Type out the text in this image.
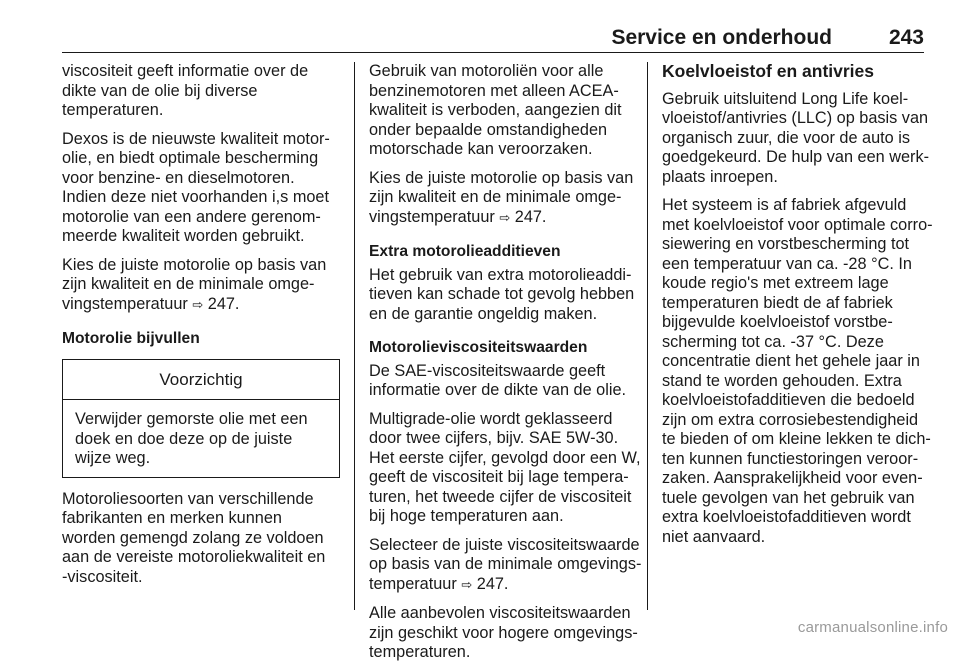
Service en onderhoud	243

viscositeit geeft informatie over de
dikte van de olie bij diverse
temperaturen.

Dexos is de nieuwste kwaliteit motor-
olie, en biedt optimale bescherming
voor benzine- en dieselmotoren.
Indien deze niet voorhanden i,s moet
motorolie van een andere gerenom-
meerde kwaliteit worden gebruikt.

Kies de juiste motorolie op basis van
zijn kwaliteit en de minimale omge-
vingstemperatuur ⇨ 247.

Motorolie bijvullen
Voorzichtig
Verwijder gemorste olie met een
doek en doe deze op de juiste
wijze weg.

Motoroliesoorten van verschillende
fabrikanten en merken kunnen
worden gemengd zolang ze voldoen
aan de vereiste motoroliekwaliteit en
-viscositeit.

Gebruik van motoroliën voor alle
benzinemotoren met alleen ACEA-
kwaliteit is verboden, aangezien dit
onder bepaalde omstandigheden
motorschade kan veroorzaken.

Kies de juiste motorolie op basis van
zijn kwaliteit en de minimale omge-
vingstemperatuur ⇨ 247.

Extra motorolieadditieven

Het gebruik van extra motorolieaddi-
tieven kan schade tot gevolg hebben
en de garantie ongeldig maken.

Motorolieviscositeitswaarden

De SAE-viscositeitswaarde geeft
informatie over de dikte van de olie.

Multigrade-olie wordt geklasseerd
door twee cijfers, bijv. SAE 5W-30.
Het eerste cijfer, gevolgd door een W,
geeft de viscositeit bij lage tempera-
turen, het tweede cijfer de viscositeit
bij hoge temperaturen aan.

Selecteer de juiste viscositeitswaarde
op basis van de minimale omgevings-
temperatuur ⇨ 247.

Alle aanbevolen viscositeitswaarden
zijn geschikt voor hogere omgevings-
temperaturen.

Koelvloeistof en antivries

Gebruik uitsluitend Long Life koel-
vloeistof/antivries (LLC) op basis van
organisch zuur, die voor de auto is
goedgekeurd. De hulp van een werk-
plaats inroepen.

Het systeem is af fabriek afgevuld
met koelvloeistof voor optimale corro-
siewering en vorstbescherming tot
een temperatuur van ca. -28 °C. In
koude regio's met extreem lage
temperaturen biedt de af fabriek
bijgevulde koelvloeistof vorstbe-
scherming tot ca. -37 °C. Deze
concentratie dient het gehele jaar in
stand te worden gehouden. Extra
koelvloeistofadditieven die bedoeld
zijn om extra corrosiebestendigheid
te bieden of om kleine lekken te dich-
ten kunnen functiestoringen veroor-
zaken. Aansprakelijkheid voor even-
tuele gevolgen van het gebruik van
extra koelvloeistofadditieven wordt
niet aanvaard.

carmanualsonline.info
